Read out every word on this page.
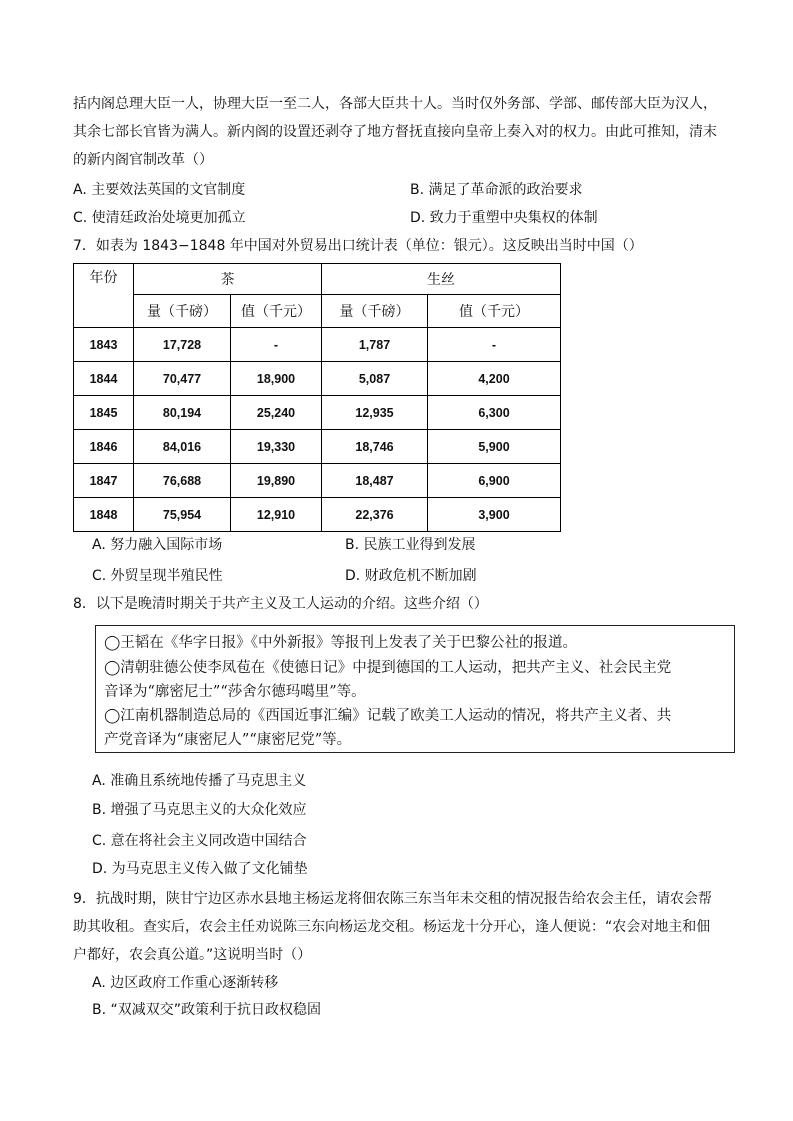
括内阁总理大臣一人，协理大臣一至二人，各部大臣共十人。当时仅外务部、学部、邮传部大臣为汉人，
其余七部长官皆为满人。新内阁的设置还剥夺了地方督抚直接向皇帝上奏入对的权力。由此可推知，清末
的新内阁官制改革（）
A. 主要效法英国的文官制度	B. 满足了革命派的政治要求
C. 使清廷政治处境更加孤立	D. 致力于重塑中央集权的体制
7．如表为 1843−1848 年中国对外贸易出口统计表（单位：银元）。这反映出当时中国（）
年份	茶		生丝	
	量（千磅）	值（千元）	量（千磅）	值（千元）
1843	17,728	-	1,787	-
1844	70,477	18,900	5,087	4,200
1845	80,194	25,240	12,935	6,300
1846	84,016	19,330	18,746	5,900
1847	76,688	19,890	18,487	6,900
1848	75,954	12,910	22,376	3,900
A. 努力融入国际市场	B. 民族工业得到发展
C. 外贸呈现半殖民性	D. 财政危机不断加剧
8．以下是晚清时期关于共产主义及工人运动的介绍。这些介绍（）
◯王韬在《华字日报》《中外新报》等报刊上发表了关于巴黎公社的报道。
◯清朝驻德公使李凤苞在《使德日记》中提到德国的工人运动，把共产主义、社会民主党
音译为“廓密尼士”“莎舍尔德玛噶里”等。
◯江南机器制造总局的《西国近事汇编》记载了欧美工人运动的情况，将共产主义者、共
产党音译为“康密尼人”“康密尼党”等。
A. 准确且系统地传播了马克思主义
B. 增强了马克思主义的大众化效应
C. 意在将社会主义同改造中国结合
D. 为马克思主义传入做了文化铺垫
9．抗战时期，陕甘宁边区赤水县地主杨运龙将佃农陈三东当年未交租的情况报告给农会主任，请农会帮
助其收租。查实后，农会主任劝说陈三东向杨运龙交租。杨运龙十分开心，逢人便说：“农会对地主和佃
户都好，农会真公道。”这说明当时（）
A. 边区政府工作重心逐渐转移
B. “双减双交”政策利于抗日政权稳固
